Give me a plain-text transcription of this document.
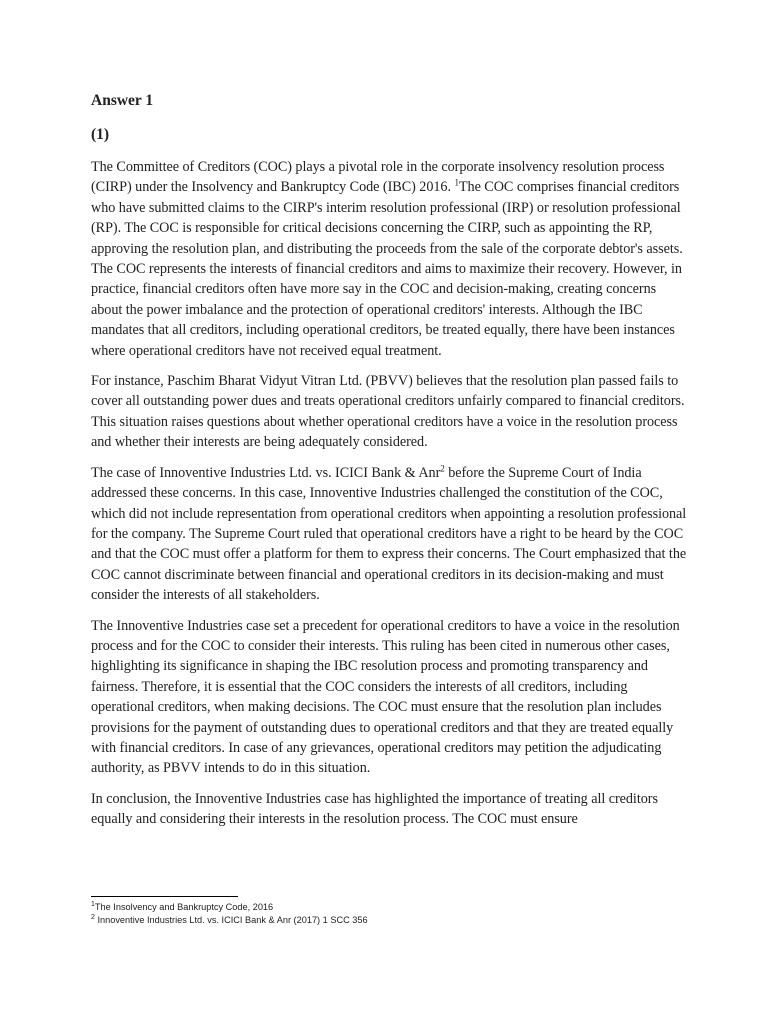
Answer 1
(1)

The Committee of Creditors (COC) plays a pivotal role in the corporate insolvency resolution process (CIRP) under the Insolvency and Bankruptcy Code (IBC) 2016. $^1$The COC comprises financial creditors who have submitted claims to the CIRP's interim resolution professional (IRP) or resolution professional (RP). The COC is responsible for critical decisions concerning the CIRP, such as appointing the RP, approving the resolution plan, and distributing the proceeds from the sale of the corporate debtor's assets. The COC represents the interests of financial creditors and aims to maximize their recovery. However, in practice, financial creditors often have more say in the COC and decision-making, creating concerns about the power imbalance and the protection of operational creditors' interests. Although the IBC mandates that all creditors, including operational creditors, be treated equally, there have been instances where operational creditors have not received equal treatment.

For instance, Paschim Bharat Vidyut Vitran Ltd. (PBVV) believes that the resolution plan passed fails to cover all outstanding power dues and treats operational creditors unfairly compared to financial creditors. This situation raises questions about whether operational creditors have a voice in the resolution process and whether their interests are being adequately considered.

The case of Innoventive Industries Ltd. vs. ICICI Bank & Anr$^2$ before the Supreme Court of India addressed these concerns. In this case, Innoventive Industries challenged the constitution of the COC, which did not include representation from operational creditors when appointing a resolution professional for the company. The Supreme Court ruled that operational creditors have a right to be heard by the COC and that the COC must offer a platform for them to express their concerns. The Court emphasized that the COC cannot discriminate between financial and operational creditors in its decision-making and must consider the interests of all stakeholders.

The Innoventive Industries case set a precedent for operational creditors to have a voice in the resolution process and for the COC to consider their interests. This ruling has been cited in numerous other cases, highlighting its significance in shaping the IBC resolution process and promoting transparency and fairness. Therefore, it is essential that the COC considers the interests of all creditors, including operational creditors, when making decisions. The COC must ensure that the resolution plan includes provisions for the payment of outstanding dues to operational creditors and that they are treated equally with financial creditors. In case of any grievances, operational creditors may petition the adjudicating authority, as PBVV intends to do in this situation.

In conclusion, the Innoventive Industries case has highlighted the importance of treating all creditors equally and considering their interests in the resolution process. The COC must ensure

$^1$The Insolvency and Bankruptcy Code, 2016
$^2$ Innoventive Industries Ltd. vs. ICICI Bank & Anr (2017) 1 SCC 356
